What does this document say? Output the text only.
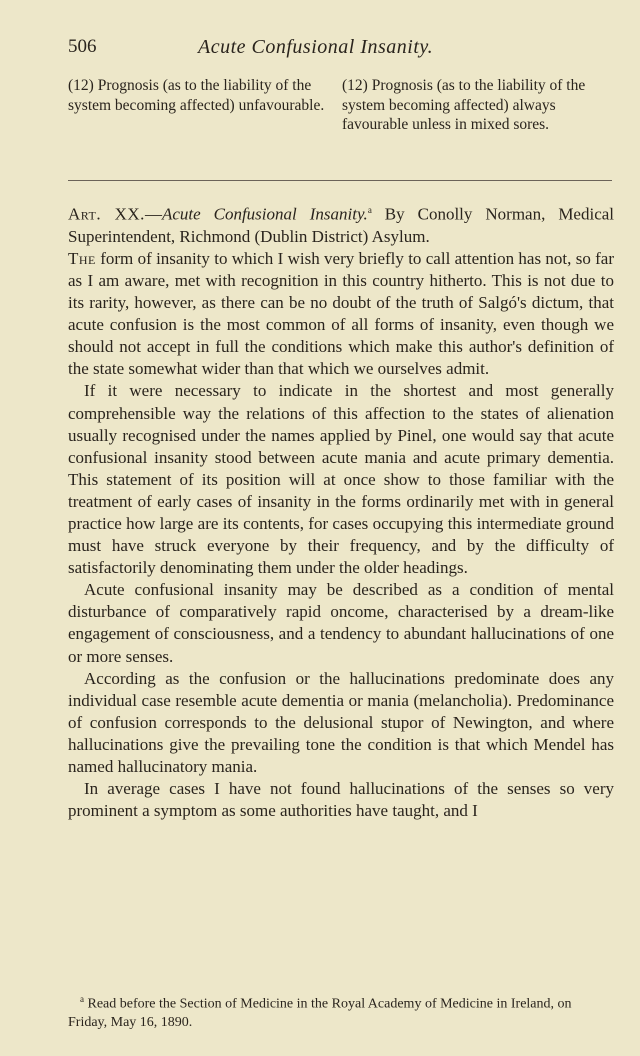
506	Acute Confusional Insanity.
(12) Prognosis (as to the liability of the system becoming affected) unfavourable.
(12) Prognosis (as to the liability of the system becoming affected) always favourable unless in mixed sores.

Art. XX.—Acute Confusional Insanity.$^a$ By Conolly Norman, Medical Superintendent, Richmond (Dublin District) Asylum.

The form of insanity to which I wish very briefly to call attention has not, so far as I am aware, met with recognition in this country hitherto. This is not due to its rarity, however, as there can be no doubt of the truth of Salgó's dictum, that acute confusion is the most common of all forms of insanity, even though we should not accept in full the conditions which make this author's definition of the state somewhat wider than that which we ourselves admit.

If it were necessary to indicate in the shortest and most generally comprehensible way the relations of this affection to the states of alienation usually recognised under the names applied by Pinel, one would say that acute confusional insanity stood between acute mania and acute primary dementia. This statement of its position will at once show to those familiar with the treatment of early cases of insanity in the forms ordinarily met with in general practice how large are its contents, for cases occupying this intermediate ground must have struck everyone by their frequency, and by the difficulty of satisfactorily denominating them under the older headings.

Acute confusional insanity may be described as a condition of mental disturbance of comparatively rapid oncome, characterised by a dream-like engagement of consciousness, and a tendency to abundant hallucinations of one or more senses.

According as the confusion or the hallucinations predominate does any individual case resemble acute dementia or mania (melancholia). Predominance of confusion corresponds to the delusional stupor of Newington, and where hallucinations give the prevailing tone the condition is that which Mendel has named hallucinatory mania.

In average cases I have not found hallucinations of the senses so very prominent a symptom as some authorities have taught, and I

$^a$ Read before the Section of Medicine in the Royal Academy of Medicine in Ireland, on Friday, May 16, 1890.
